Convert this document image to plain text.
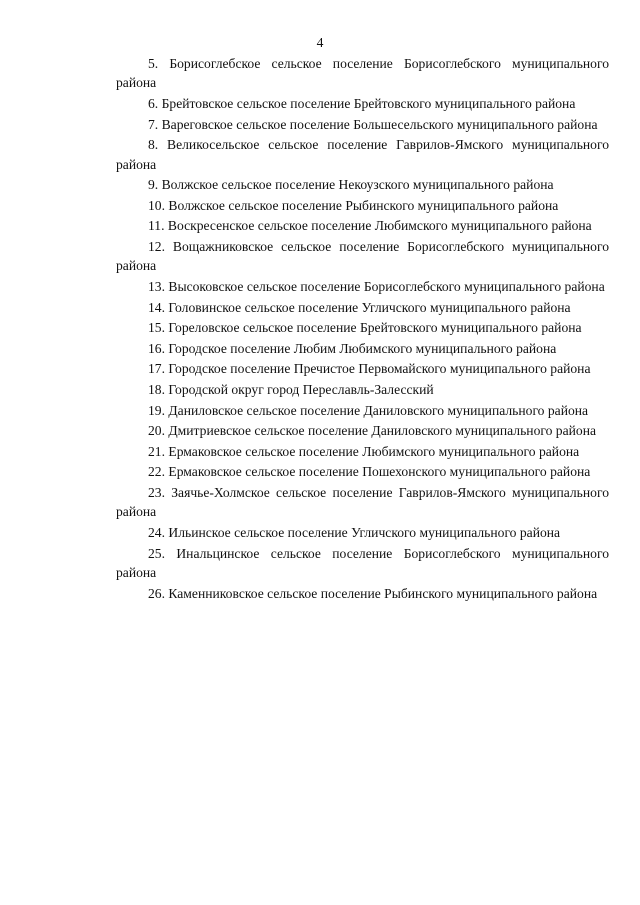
4

5. Борисоглебское сельское поселение Борисоглебского муниципального района

6. Брейтовское сельское поселение Брейтовского муниципального района

7. Вареговское сельское поселение Большесельского муниципального района

8. Великосельское сельское поселение Гаврилов-Ямского муниципального района

9. Волжское сельское поселение Некоузского муниципального района

10. Волжское сельское поселение Рыбинского муниципального района

11. Воскресенское сельское поселение Любимского муниципального района

12. Вощажниковское сельское поселение Борисоглебского муниципального района

13. Высоковское сельское поселение Борисоглебского муниципального района

14. Головинское сельское поселение Угличского муниципального района

15. Гореловское сельское поселение Брейтовского муниципального района

16. Городское поселение Любим Любимского муниципального района

17. Городское поселение Пречистое Первомайского муниципального района

18. Городской округ город Переславль-Залесский

19. Даниловское сельское поселение Даниловского муниципального района

20. Дмитриевское сельское поселение Даниловского муниципального района

21. Ермаковское сельское поселение Любимского муниципального района

22. Ермаковское сельское поселение Пошехонского муниципального района

23. Заячье-Холмское сельское поселение Гаврилов-Ямского муниципального района

24. Ильинское сельское поселение Угличского муниципального района

25. Инальцинское сельское поселение Борисоглебского муниципального района

26. Каменниковское сельское поселение Рыбинского муниципального района
